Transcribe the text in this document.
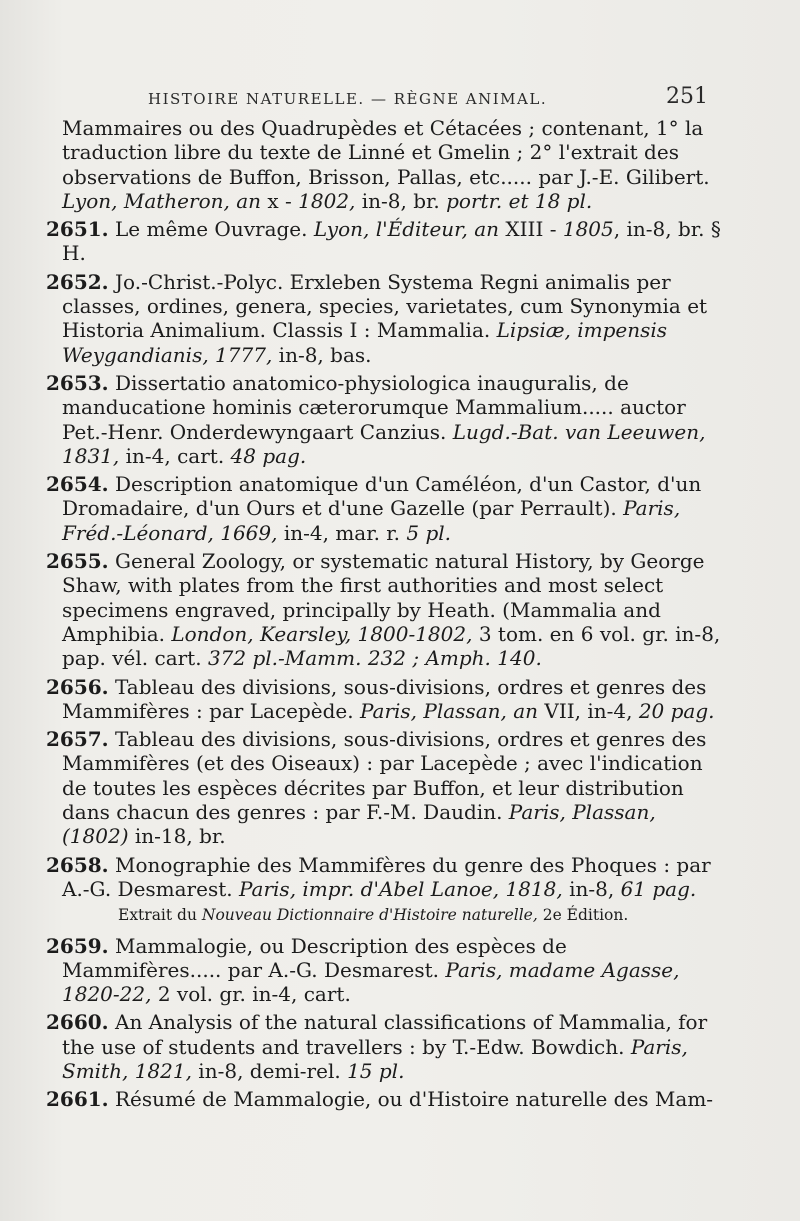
HISTOIRE NATURELLE. — RÈGNE ANIMAL.	251

Mammaires ou des Quadrupèdes et Cétacées ; contenant, 1° la traduction libre du texte de Linné et Gmelin ; 2° l'extrait des observations de Buffon, Brisson, Pallas, etc..... par J.-E. Gilibert. Lyon, Matheron, an x - 1802, in-8, br. portr. et 18 pl.

2651. Le même Ouvrage. Lyon, l'Éditeur, an XIII - 1805, in-8, br. § H.

2652. Jo.-Christ.-Polyc. Erxleben Systema Regni animalis per classes, ordines, genera, species, varietates, cum Synonymia et Historia Animalium. Classis I : Mammalia. Lipsiæ, impensis Weygandianis, 1777, in-8, bas.

2653. Dissertatio anatomico-physiologica inauguralis, de manducatione hominis cæterorumque Mammalium..... auctor Pet.-Henr. Onderdewyngaart Canzius. Lugd.-Bat. van Leeuwen, 1831, in-4, cart. 48 pag.

2654. Description anatomique d'un Caméléon, d'un Castor, d'un Dromadaire, d'un Ours et d'une Gazelle (par Perrault). Paris, Fréd.-Léonard, 1669, in-4, mar. r. 5 pl.

2655. General Zoology, or systematic natural History, by George Shaw, with plates from the first authorities and most select specimens engraved, principally by Heath. (Mammalia and Amphibia. London, Kearsley, 1800-1802, 3 tom. en 6 vol. gr. in-8, pap. vél. cart. 372 pl.-Mamm. 232 ; Amph. 140.

2656. Tableau des divisions, sous-divisions, ordres et genres des Mammifères : par Lacepède. Paris, Plassan, an VII, in-4, 20 pag.

2657. Tableau des divisions, sous-divisions, ordres et genres des Mammifères (et des Oiseaux) : par Lacepède ; avec l'indication de toutes les espèces décrites par Buffon, et leur distribution dans chacun des genres : par F.-M. Daudin. Paris, Plassan, (1802) in-18, br.

2658. Monographie des Mammifères du genre des Phoques : par A.-G. Desmarest. Paris, impr. d'Abel Lanoe, 1818, in-8, 61 pag.

Extrait du Nouveau Dictionnaire d'Histoire naturelle, 2e Édition.

2659. Mammalogie, ou Description des espèces de Mammifères..... par A.-G. Desmarest. Paris, madame Agasse, 1820-22, 2 vol. gr. in-4, cart.

2660. An Analysis of the natural classifications of Mammalia, for the use of students and travellers : by T.-Edw. Bowdich. Paris, Smith, 1821, in-8, demi-rel. 15 pl.

2661. Résumé de Mammalogie, ou d'Histoire naturelle des Mam-
